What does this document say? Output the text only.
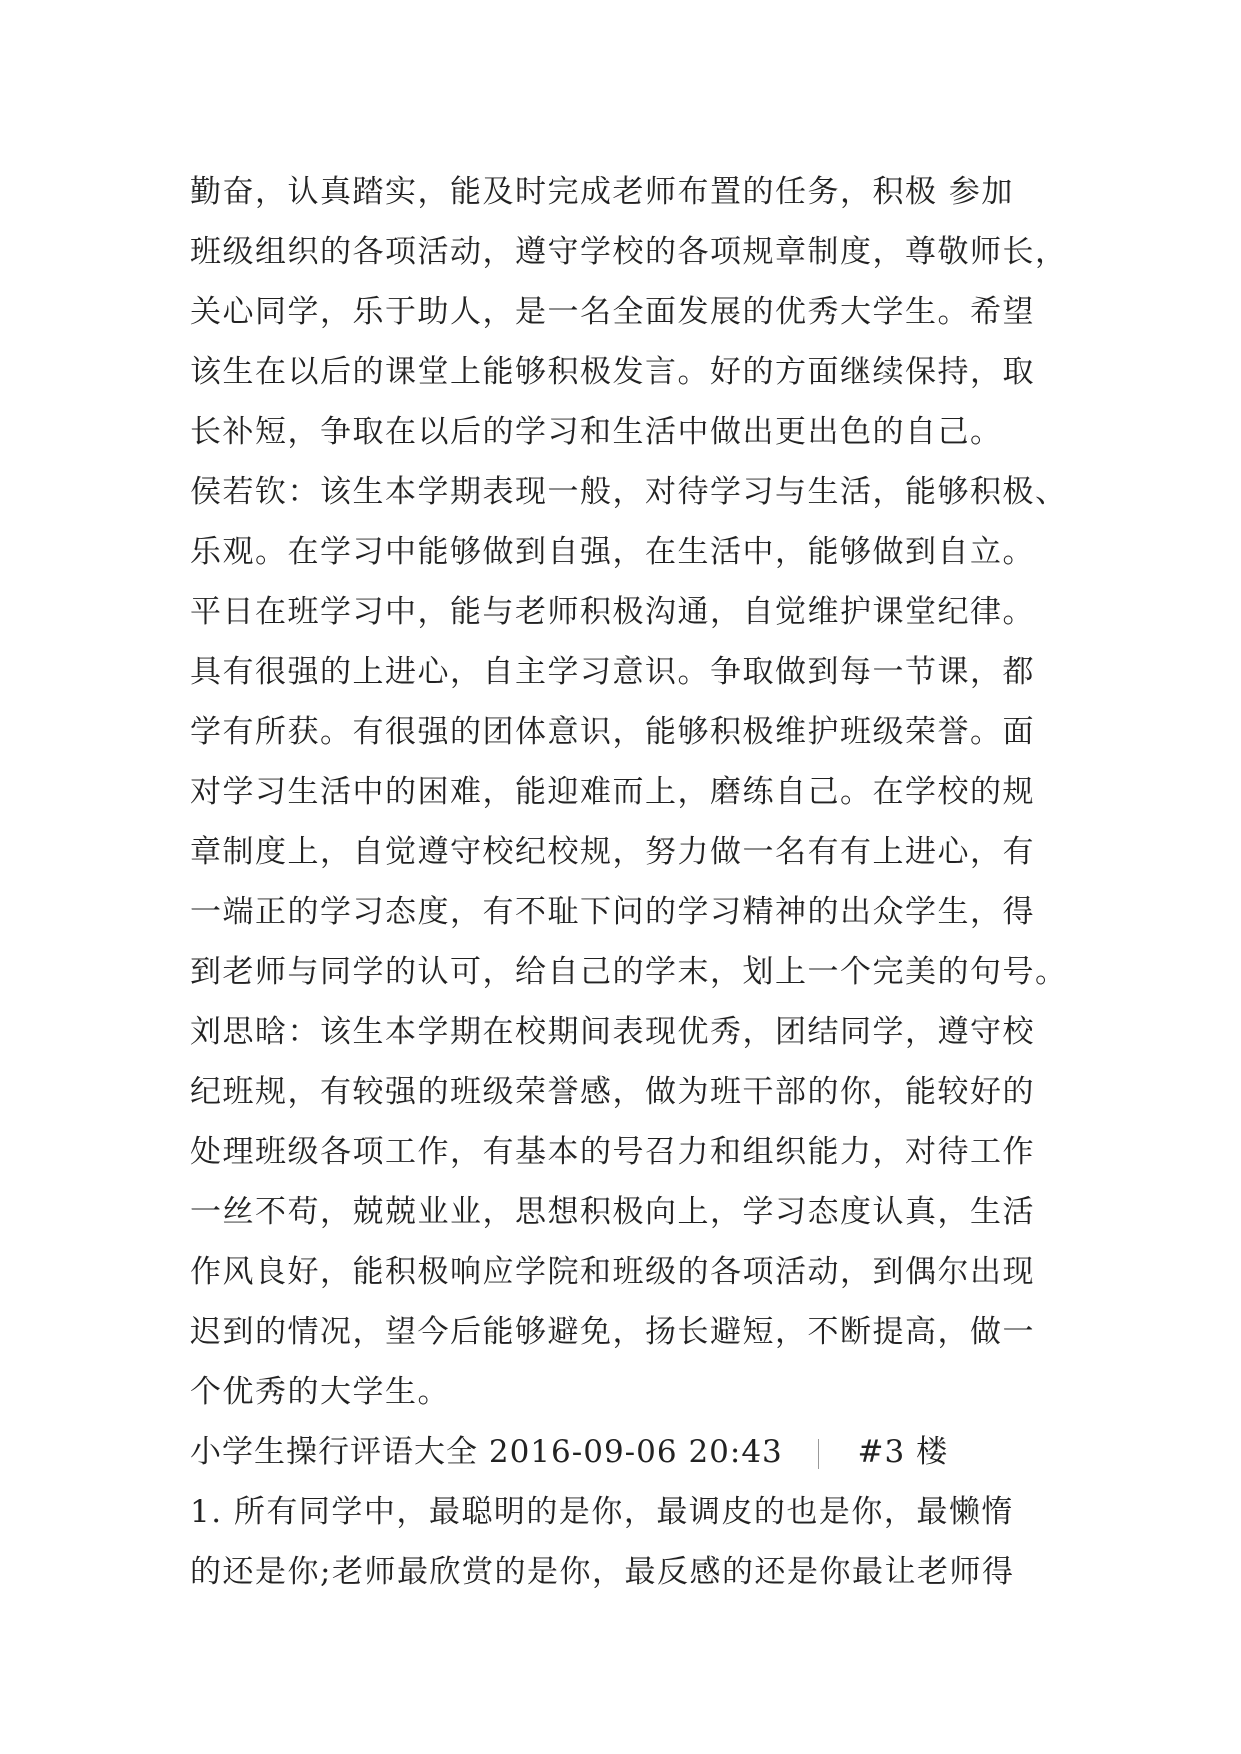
勤奋，认真踏实，能及时完成老师布置的任务，积极 参加
班级组织的各项活动，遵守学校的各项规章制度，尊敬师长，
关心同学，乐于助人，是一名全面发展的优秀大学生。希望
该生在以后的课堂上能够积极发言。好的方面继续保持，取
长补短，争取在以后的学习和生活中做出更出色的自己。
侯若钦：该生本学期表现一般，对待学习与生活，能够积极、
乐观。在学习中能够做到自强，在生活中，能够做到自立。
平日在班学习中，能与老师积极沟通，自觉维护课堂纪律。
具有很强的上进心，自主学习意识。争取做到每一节课，都
学有所获。有很强的团体意识，能够积极维护班级荣誉。面
对学习生活中的困难，能迎难而上，磨练自己。在学校的规
章制度上，自觉遵守校纪校规，努力做一名有有上进心，有
一端正的学习态度，有不耻下问的学习精神的出众学生，得
到老师与同学的认可，给自己的学末，划上一个完美的句号。
刘思晗：该生本学期在校期间表现优秀，团结同学，遵守校
纪班规，有较强的班级荣誉感，做为班干部的你，能较好的
处理班级各项工作，有基本的号召力和组织能力，对待工作
一丝不苟，兢兢业业，思想积极向上，学习态度认真，生活
作风良好，能积极响应学院和班级的各项活动，到偶尔出现
迟到的情况，望今后能够避免，扬长避短，不断提高，做一
个优秀的大学生。
小学生操行评语大全 2016-09-06 20:43 #3 楼
1. 所有同学中，最聪明的是你，最调皮的也是你，最懒惰
的还是你;老师最欣赏的是你，最反感的还是你最让老师得
